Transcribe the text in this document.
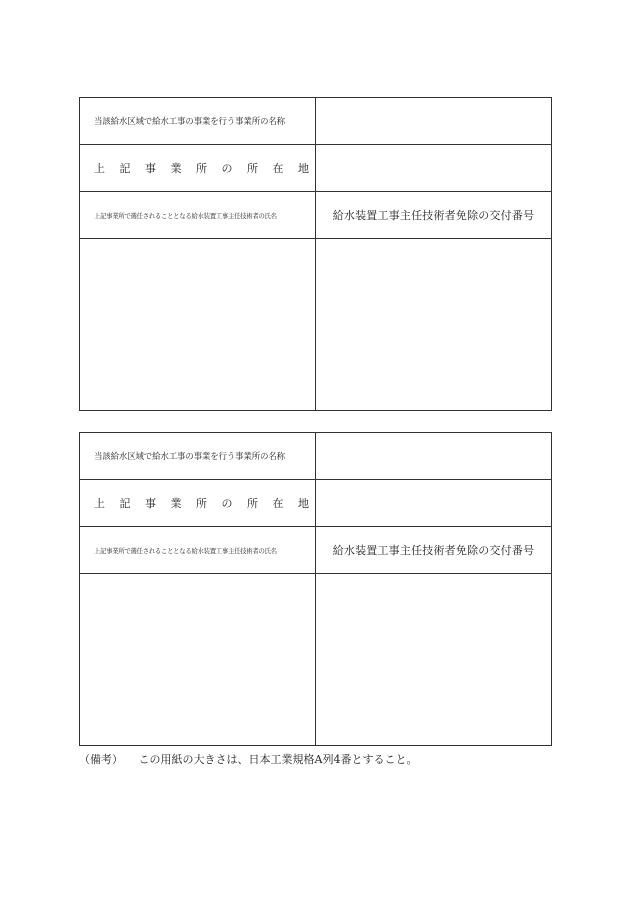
当該給水区域で給水工事の事業を行う事業所の名称	
上記事業所の所在地	
上記事業所で選任されることとなる給水装置工事主任技術者の氏名	給水装置工事主任技術者免除の交付番号

当該給水区域で給水工事の事業を行う事業所の名称	
上記事業所の所在地	
上記事業所で選任されることとなる給水装置工事主任技術者の氏名	給水装置工事主任技術者免除の交付番号

（備考） この用紙の大きさは、日本工業規格A列4番とすること。
